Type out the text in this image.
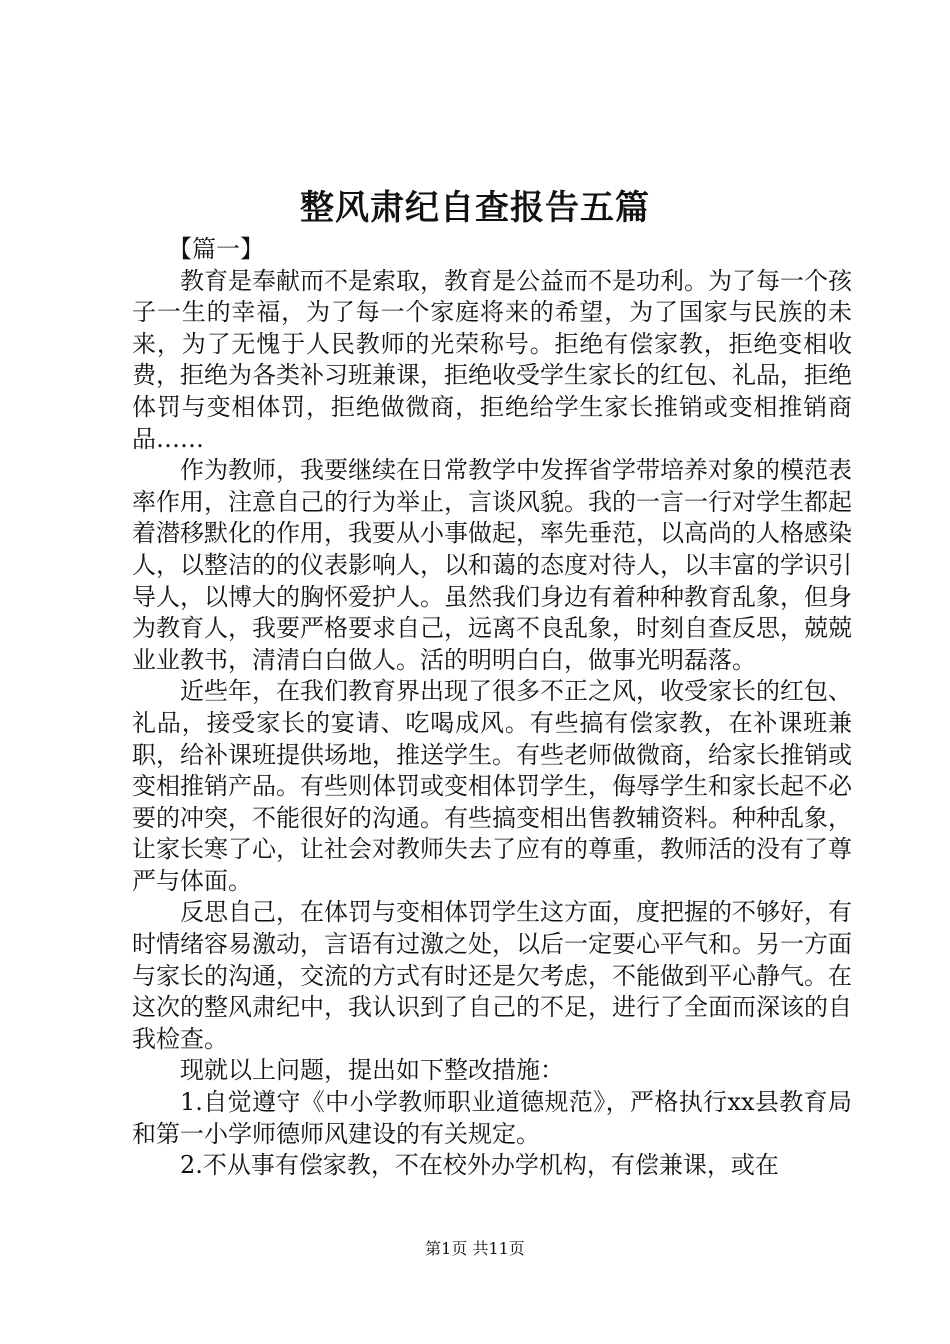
整风肃纪自查报告五篇

【篇一】

教育是奉献而不是索取，教育是公益而不是功利。为了每一个孩子一生的幸福，为了每一个家庭将来的希望，为了国家与民族的未来，为了无愧于人民教师的光荣称号。拒绝有偿家教，拒绝变相收费，拒绝为各类补习班兼课，拒绝收受学生家长的红包、礼品，拒绝体罚与变相体罚，拒绝做微商，拒绝给学生家长推销或变相推销商品……

作为教师，我要继续在日常教学中发挥省学带培养对象的模范表率作用，注意自己的行为举止，言谈风貌。我的一言一行对学生都起着潜移默化的作用，我要从小事做起，率先垂范，以高尚的人格感染人，以整洁的的仪表影响人，以和蔼的态度对待人，以丰富的学识引导人，以博大的胸怀爱护人。虽然我们身边有着种种教育乱象，但身为教育人，我要严格要求自己，远离不良乱象，时刻自查反思，兢兢业业教书，清清白白做人。活的明明白白，做事光明磊落。

近些年，在我们教育界出现了很多不正之风，收受家长的红包、礼品，接受家长的宴请、吃喝成风。有些搞有偿家教，在补课班兼职，给补课班提供场地，推送学生。有些老师做微商，给家长推销或变相推销产品。有些则体罚或变相体罚学生，侮辱学生和家长起不必要的冲突，不能很好的沟通。有些搞变相出售教辅资料。种种乱象，让家长寒了心，让社会对教师失去了应有的尊重，教师活的没有了尊严与体面。

反思自己，在体罚与变相体罚学生这方面，度把握的不够好，有时情绪容易激动，言语有过激之处，以后一定要心平气和。另一方面与家长的沟通，交流的方式有时还是欠考虑，不能做到平心静气。在这次的整风肃纪中，我认识到了自己的不足，进行了全面而深该的自我检查。

现就以上问题，提出如下整改措施：

1.自觉遵守《中小学教师职业道德规范》，严格执行xx县教育局和第一小学师德师风建设的有关规定。

2.不从事有偿家教，不在校外办学机构，有偿兼课，或在

第1页 共11页
